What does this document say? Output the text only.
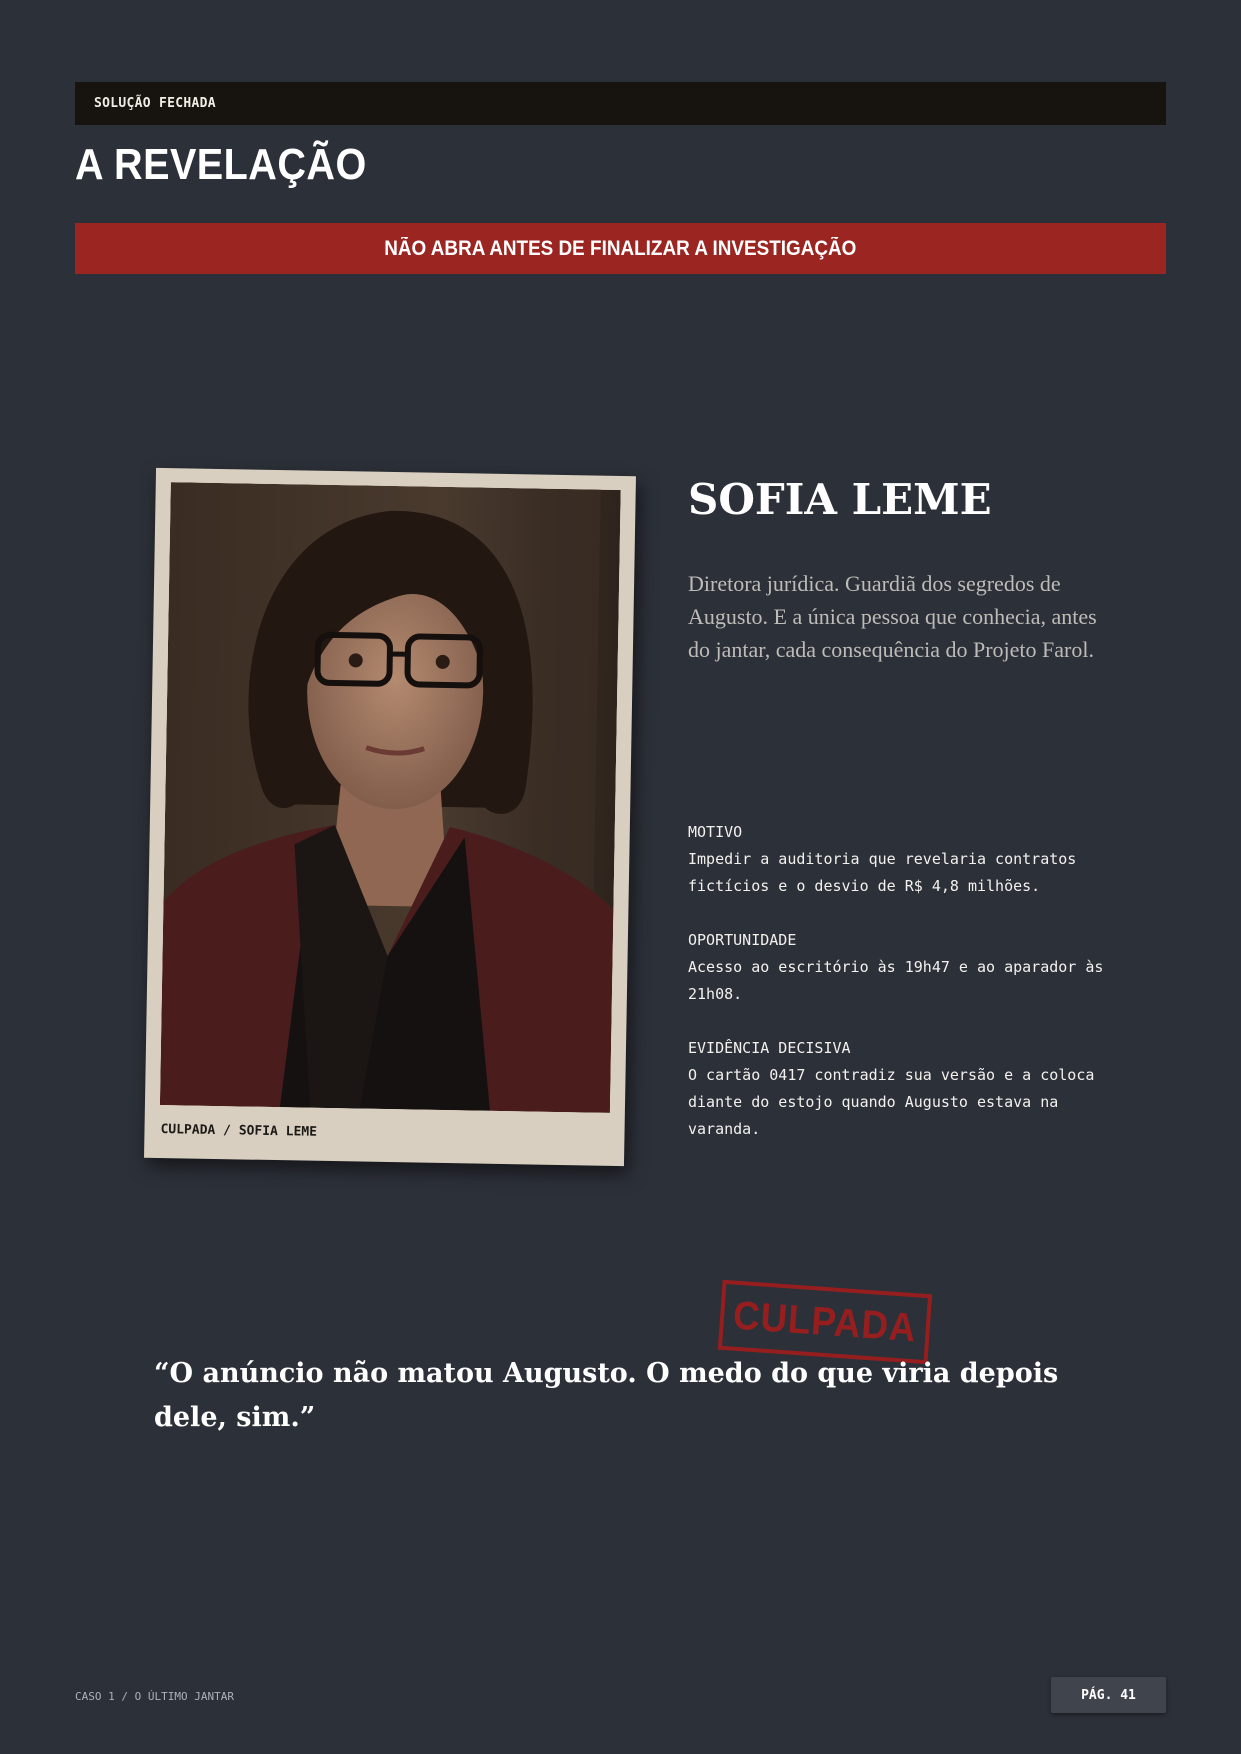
SOLUÇÃO FECHADA
A REVELAÇÃO
NÃO ABRA ANTES DE FINALIZAR A INVESTIGAÇÃO
CULPADA / SOFIA LEME
SOFIA LEME

Diretora jurídica. Guardiã dos segredos de Augusto. E a única pessoa que conhecia, antes do jantar, cada consequência do Projeto Farol.

MOTIVO
Impedir a auditoria que revelaria contratos fictícios e o desvio de R$ 4,8 milhões.
OPORTUNIDADE
Acesso ao escritório às 19h47 e ao aparador às 21h08.
EVIDÊNCIA DECISIVA
O cartão 0417 contradiz sua versão e a coloca diante do estojo quando Augusto estava na varanda.
CULPADA

“O anúncio não matou Augusto. O medo do que viria depois dele, sim.”

CASO 1 / O ÚLTIMO JANTAR	PÁG. 41
